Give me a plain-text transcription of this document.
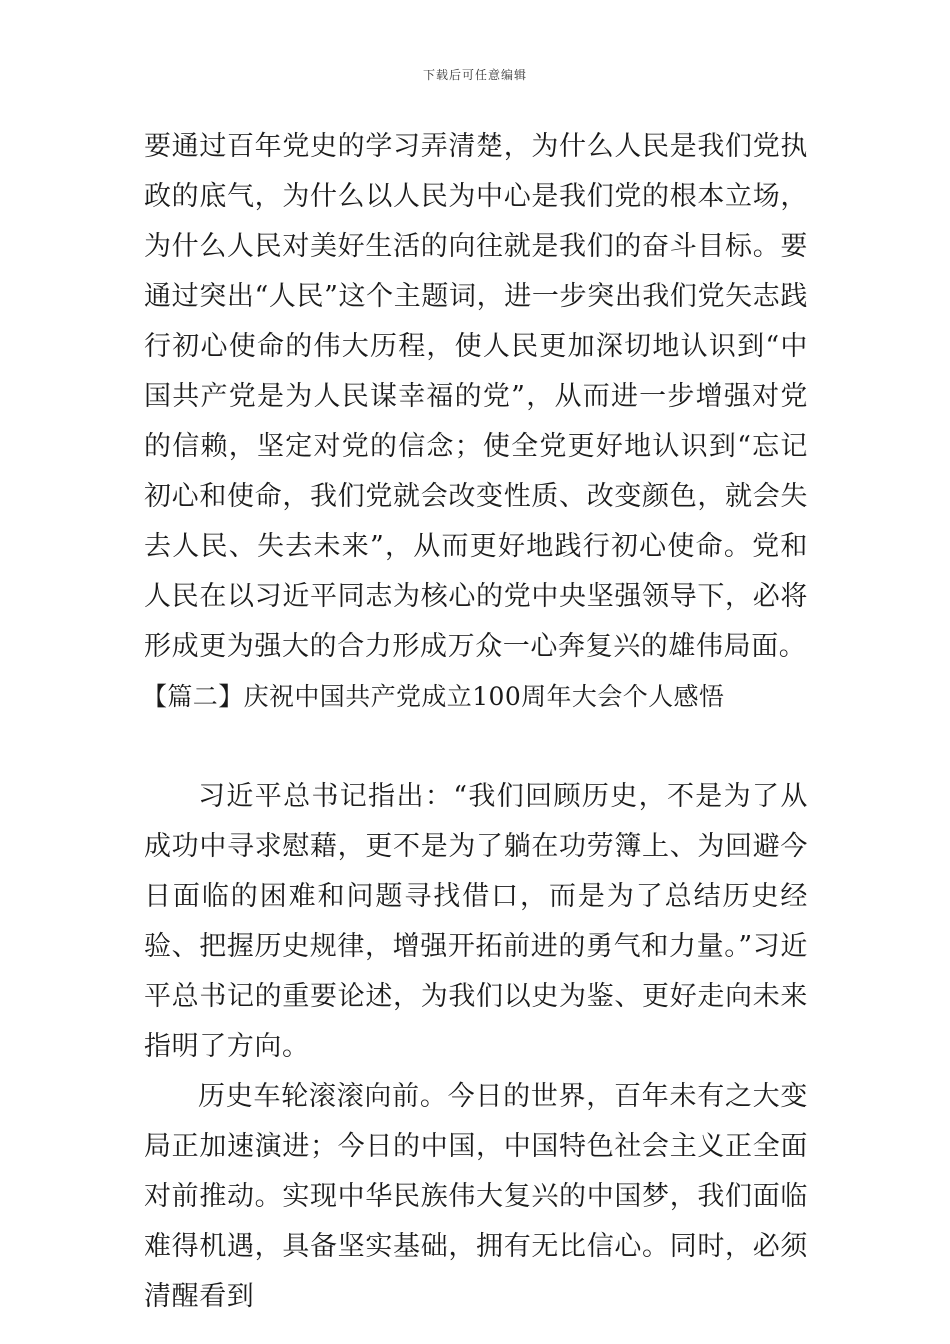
下载后可任意编辑

要通过百年党史的学习弄清楚，为什么人民是我们党执政的底气，为什么以人民为中心是我们党的根本立场，为什么人民对美好生活的向往就是我们的奋斗目标。要通过突出“人民”这个主题词，进一步突出我们党矢志践行初心使命的伟大历程，使人民更加深切地认识到“中国共产党是为人民谋幸福的党”，从而进一步增强对党的信赖，坚定对党的信念；使全党更好地认识到“忘记初心和使命，我们党就会改变性质、改变颜色，就会失去人民、失去未来”，从而更好地践行初心使命。党和人民在以习近平同志为核心的党中央坚强领导下，必将形成更为强大的合力形成万众一心奔复兴的雄伟局面。

【篇二】庆祝中国共产党成立100周年大会个人感悟

习近平总书记指出：“我们回顾历史，不是为了从成功中寻求慰藉，更不是为了躺在功劳簿上、为回避今日面临的困难和问题寻找借口，而是为了总结历史经验、把握历史规律，增强开拓前进的勇气和力量。”习近平总书记的重要论述，为我们以史为鉴、更好走向未来指明了方向。

历史车轮滚滚向前。今日的世界，百年未有之大变局正加速演进；今日的中国，中国特色社会主义正全面对前推动。实现中华民族伟大复兴的中国梦，我们面临难得机遇，具备坚实基础，拥有无比信心。同时，必须清醒看到
